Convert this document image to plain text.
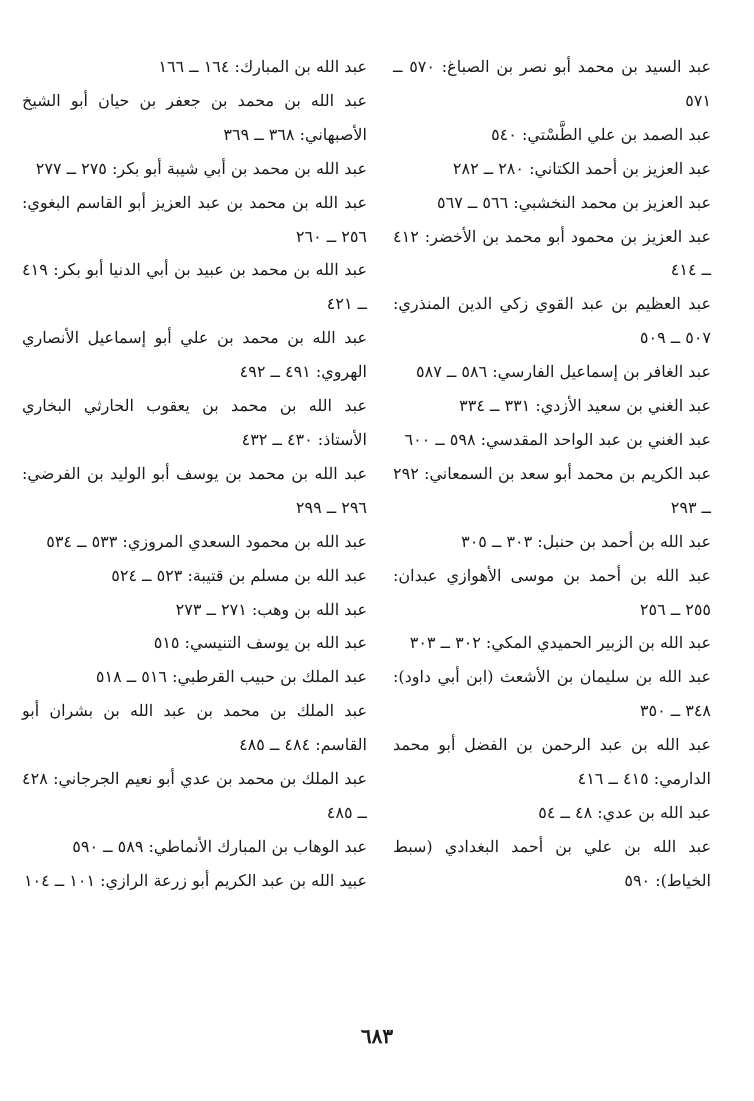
عبد السيد بن محمد أبو نصر بن الصباغ: ٥٧٠ ــ ٥٧١

عبد الصمد بن علي الطَّسْتي: ٥٤٠

عبد العزيز بن أحمد الكتاني: ٢٨٠ ــ ٢٨٢

عبد العزيز بن محمد النخشبي: ٥٦٦ ــ ٥٦٧

عبد العزيز بن محمود أبو محمد بن الأخضر: ٤١٢ ــ ٤١٤

عبد العظيم بن عبد القوي زكي الدين المنذري: ٥٠٧ ــ ٥٠٩

عبد الغافر بن إسماعيل الفارسي: ٥٨٦ ــ ٥٨٧

عبد الغني بن سعيد الأزدي: ٣٣١ ــ ٣٣٤

عبد الغني بن عبد الواحد المقدسي: ٥٩٨ ــ ٦٠٠

عبد الكريم بن محمد أبو سعد بن السمعاني: ٢٩٢ ــ ٢٩٣

عبد الله بن أحمد بن حنبل: ٣٠٣ ــ ٣٠٥

عبد الله بن أحمد بن موسى الأهوازي عبدان: ٢٥٥ ــ ٢٥٦

عبد الله بن الزبير الحميدي المكي: ٣٠٢ ــ ٣٠٣

عبد الله بن سليمان بن الأشعث (ابن أبي داود): ٣٤٨ ــ ٣٥٠

عبد الله بن عبد الرحمن بن الفضل أبو محمد الدارمي: ٤١٥ ــ ٤١٦

عبد الله بن عدي: ٤٨ ــ ٥٤

عبد الله بن علي بن أحمد البغدادي (سبط الخياط): ٥٩٠

عبد الله بن المبارك: ١٦٤ ــ ١٦٦

عبد الله بن محمد بن جعفر بن حيان أبو الشيخ الأصبهاني: ٣٦٨ ــ ٣٦٩

عبد الله بن محمد بن أبي شيبة أبو بكر: ٢٧٥ ــ ٢٧٧

عبد الله بن محمد بن عبد العزيز أبو القاسم البغوي: ٢٥٦ ــ ٢٦٠

عبد الله بن محمد بن عبيد بن أبي الدنيا أبو بكر: ٤١٩ ــ ٤٢١

عبد الله بن محمد بن علي أبو إسماعيل الأنصاري الهروي: ٤٩١ ــ ٤٩٢

عبد الله بن محمد بن يعقوب الحارثي البخاري الأستاذ: ٤٣٠ ــ ٤٣٢

عبد الله بن محمد بن يوسف أبو الوليد بن الفرضي: ٢٩٦ ــ ٢٩٩

عبد الله بن محمود السعدي المروزي: ٥٣٣ ــ ٥٣٤

عبد الله بن مسلم بن قتيبة: ٥٢٣ ــ ٥٢٤

عبد الله بن وهب: ٢٧١ ــ ٢٧٣

عبد الله بن يوسف التنيسي: ٥١٥

عبد الملك بن حبيب القرطبي: ٥١٦ ــ ٥١٨

عبد الملك بن محمد بن عبد الله بن بشران أبو القاسم: ٤٨٤ ــ ٤٨٥

عبد الملك بن محمد بن عدي أبو نعيم الجرجاني: ٤٢٨ ــ ٤٨٥

عبد الوهاب بن المبارك الأنماطي: ٥٨٩ ــ ٥٩٠

عبيد الله بن عبد الكريم أبو زرعة الرازي: ١٠١ ــ ١٠٤

٦٨٣
